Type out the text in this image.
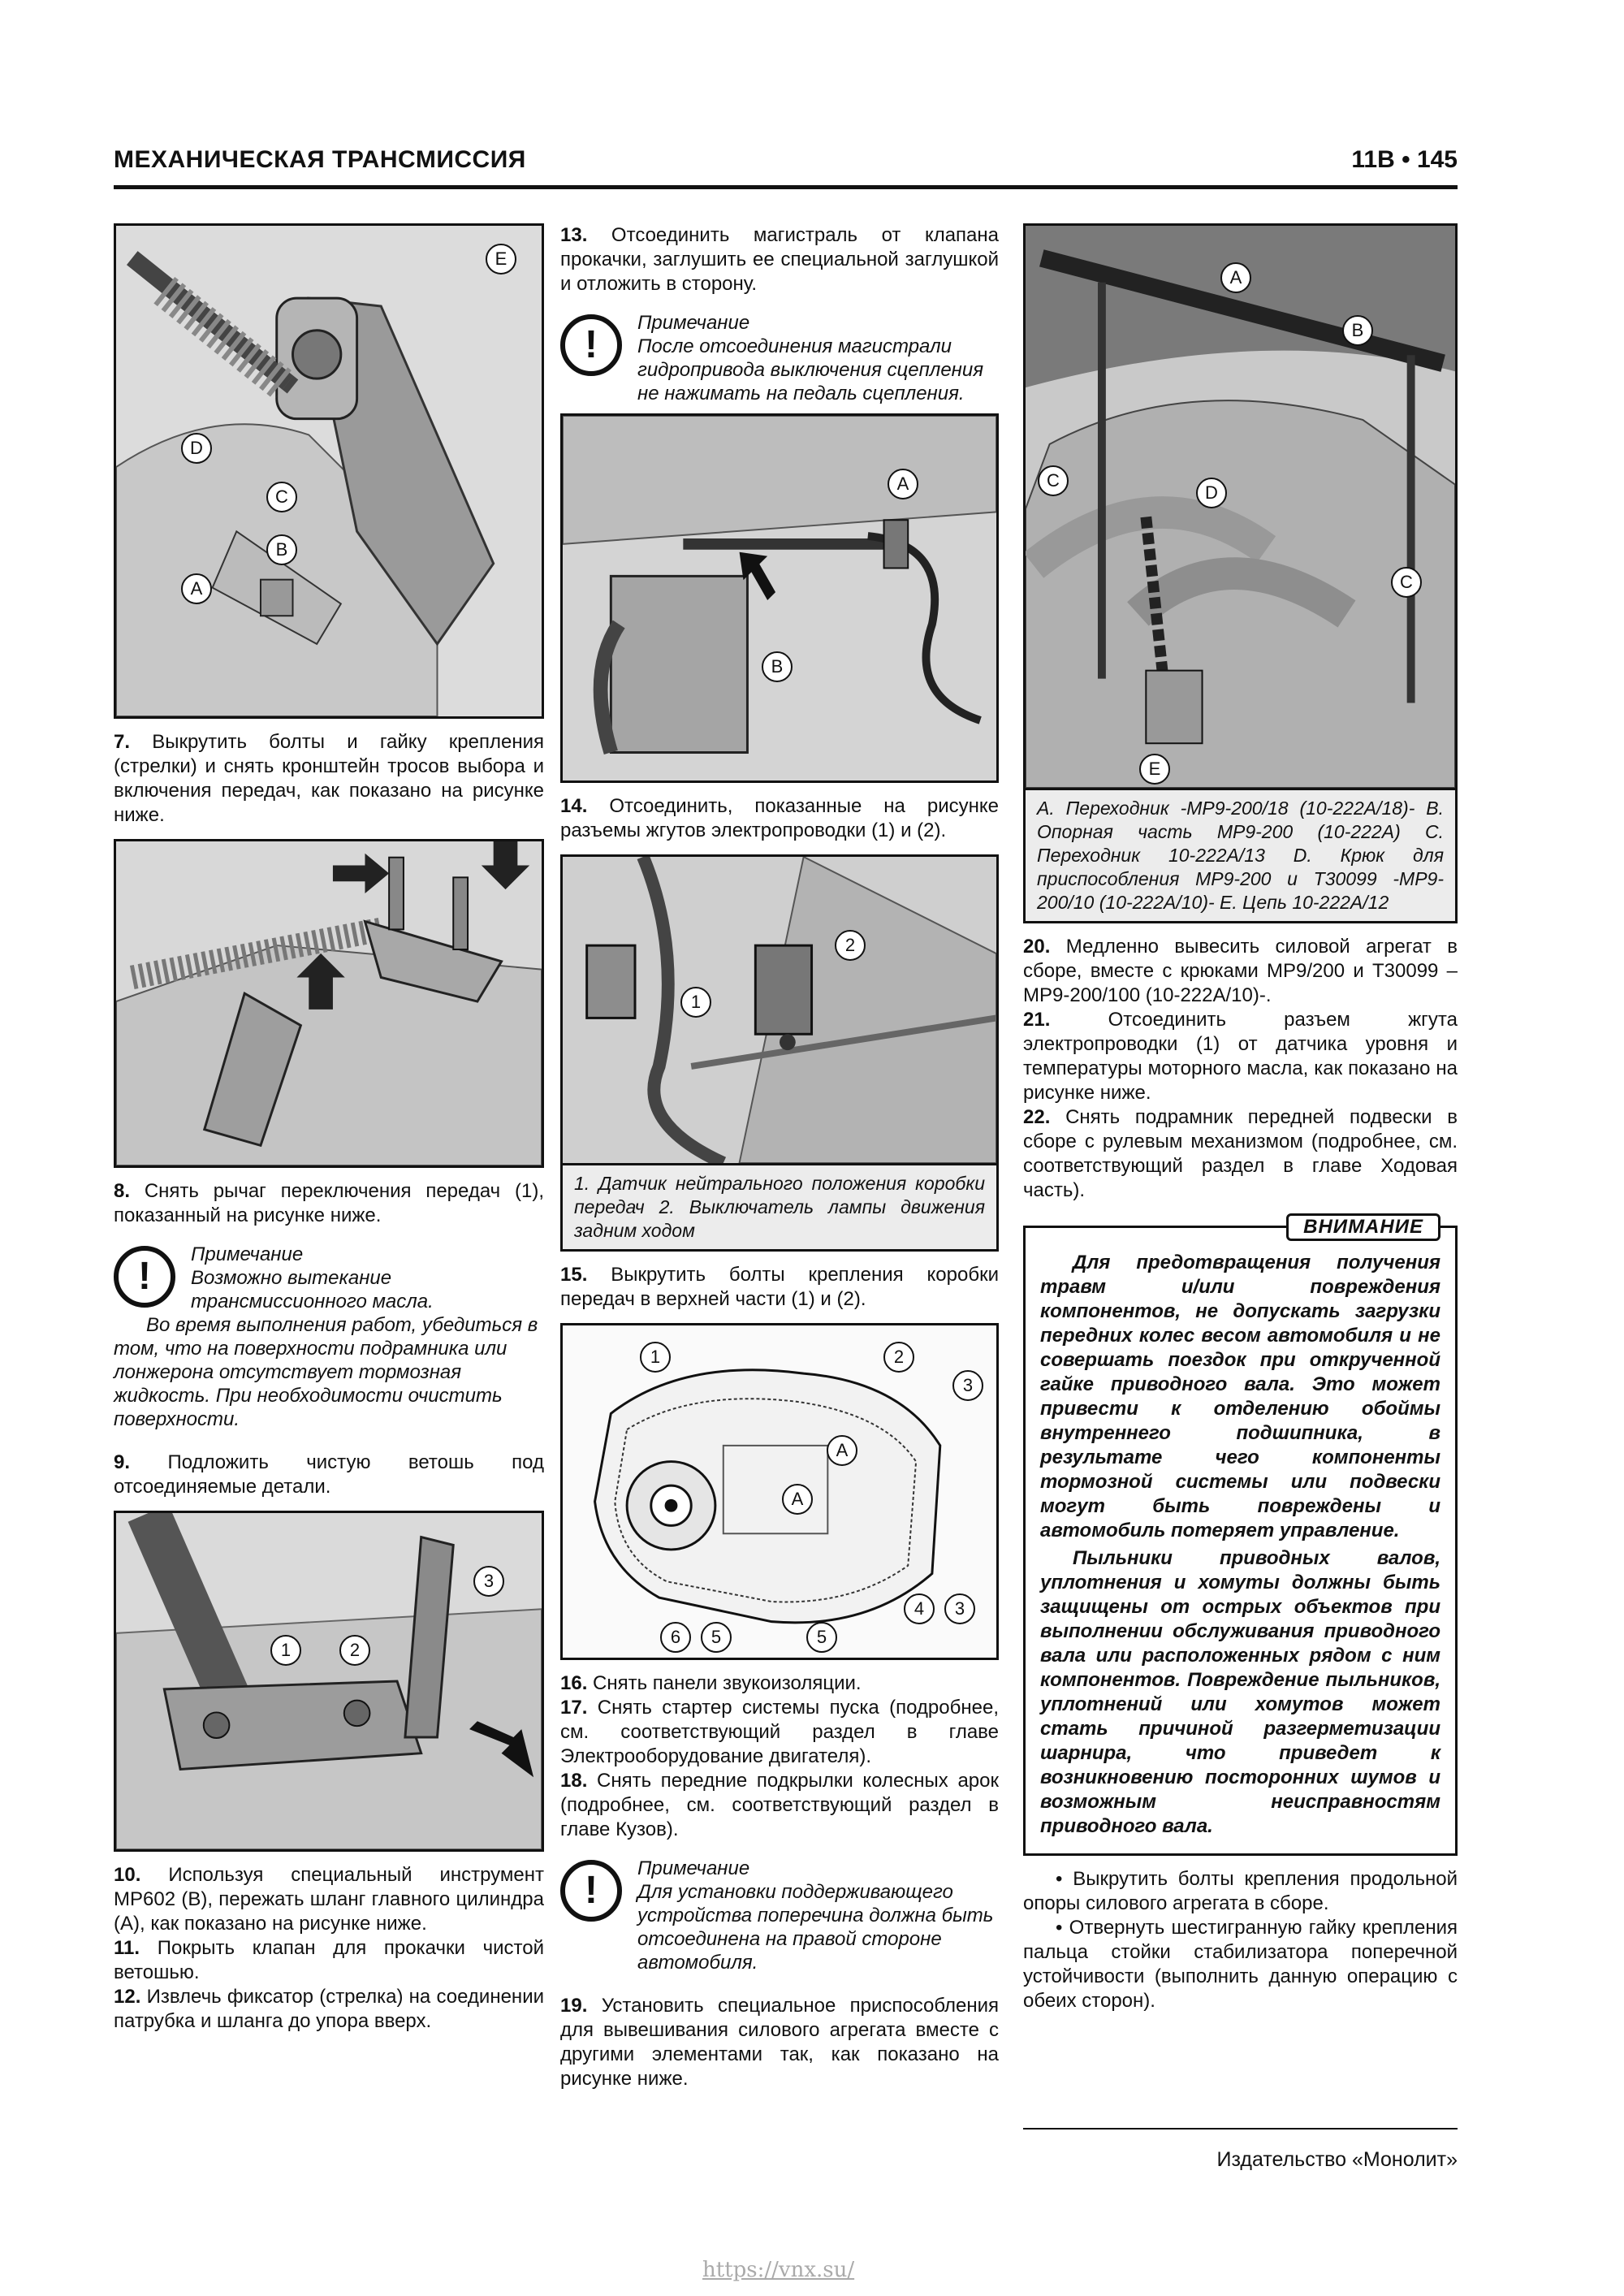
МЕХАНИЧЕСКАЯ ТРАНСМИССИЯ	11B • 145
E
D
C
B
A

7. Выкрутить болты и гайку крепления (стрелки) и снять кронштейн тросов выбора и включения передач, как показано на рисунке ниже.

8. Снять рычаг переключения передач (1), показанный на рисунке ниже.

!
Примечание
Возможно вытекание трансмиссионного масла.
Во время выполнения работ, убедиться в том, что на поверхности подрамника или лонжерона отсутствует тормозная жидкость. При необходимости очистить поверхности.

9. Подложить чистую ветошь под отсоединяемые детали.

1	2
3

10. Используя специальный инструмент MP602 (B), пережать шланг главного цилиндра (A), как показано на рисунке ниже.

11. Покрыть клапан для прокачки чистой ветошью.

12. Извлечь фиксатор (стрелка) на соединении патрубка и шланга до упора вверх.

13. Отсоединить магистраль от клапана прокачки, заглушить ее специальной заглушкой и отложить в сторону.

!
Примечание
После отсоединения магистрали гидропривода выключения сцепления не нажимать на педаль сцепления.
A
B

14. Отсоединить, показанные на рисунке разъемы жгутов электропроводки (1) и (2).

1
2
1. Датчик нейтрального положения коробки передач 2. Выключатель лампы движения задним ходом

15. Выкрутить болты крепления коробки передач в верхней части (1) и (2).

1	2
3
A
A
4	3
6	5	5

16. Снять панели звукоизоляции.

17. Снять стартер системы пуска (подробнее, см. соответствующий раздел в главе Электрооборудование двигателя).

18. Снять передние подкрылки колесных арок (подробнее, см. соответствующий раздел в главе Кузов).

!
Примечание
Для установки поддерживающего устройства поперечина должна быть отсоединена на правой стороне автомобиля.

19. Установить специальное приспособления для вывешивания силового агрегата вместе с другими элементами так, как показано на рисунке ниже.

A
B
C
D
C
E
A. Переходник -MP9-200/18 (10-222A/18)- B. Опорная часть MP9-200 (10-222A) C. Переходник 10-222A/13 D. Крюк для приспособления MP9-200 и T30099 -MP9-200/10 (10-222A/10)- E. Цепь 10-222A/12

20. Медленно вывесить силовой агрегат в сборе, вместе с крюками MP9/200 и T30099 – MP9-200/100 (10-222A/10)-.

21.	Отсоединить разъем жгута электропроводки (1) от датчика уровня и температуры моторного масла, как показано на рисунке ниже.

22. Снять подрамник передней подвески в сборе с рулевым механизмом (подробнее, см. соответствующий раздел в главе Ходовая часть).

ВНИМАНИЕ

Для предотвращения получения травм и/или повреждения компонентов, не допускать загрузки передних колес весом автомобиля и не совершать поездок при открученной гайке приводного вала. Это может привести к отделению обоймы внутреннего подшипника, в результате чего компоненты тормозной системы или подвески могут быть повреждены и автомобиль потеряет управление.

Пыльники приводных валов, уплотнения и хомуты должны быть защищены от острых объектов при выполнении обслуживания приводного вала или расположенных рядом с ним компонентов. Повреждение пыльников, уплотнений или хомутов может стать причиной разгерметизации шарнира, что приведет к возникновению посторонних шумов и возможным неисправностям приводного вала.

• Выкрутить болты крепления продольной опоры силового агрегата в сборе.

• Отвернуть шестигранную гайку крепления пальца стойки стабилизатора поперечной устойчивости (выполнить данную операцию с обеих сторон).

Издательство «Монолит»
https://vnx.su/
